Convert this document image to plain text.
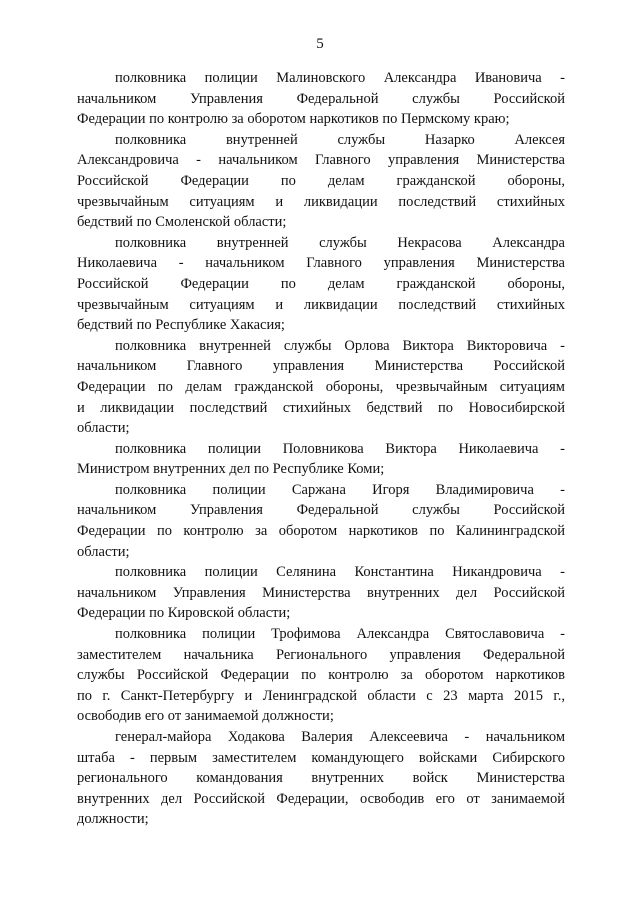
5

полковника полиции Малиновского Александра Ивановича -
начальником Управления Федеральной службы Российской
Федерации по контролю за оборотом наркотиков по Пермскому краю;

полковника внутренней службы Назарко Алексея
Александровича - начальником Главного управления Министерства
Российской Федерации по делам гражданской обороны,
чрезвычайным ситуациям и ликвидации последствий стихийных
бедствий по Смоленской области;

полковника внутренней службы Некрасова Александра
Николаевича - начальником Главного управления Министерства
Российской Федерации по делам гражданской обороны,
чрезвычайным ситуациям и ликвидации последствий стихийных
бедствий по Республике Хакасия;

полковника внутренней службы Орлова Виктора Викторовича -
начальником Главного управления Министерства Российской
Федерации по делам гражданской обороны, чрезвычайным ситуациям
и ликвидации последствий стихийных бедствий по Новосибирской
области;

полковника полиции Половникова Виктора Николаевича -
Министром внутренних дел по Республике Коми;

полковника полиции Саржана Игоря Владимировича -
начальником Управления Федеральной службы Российской
Федерации по контролю за оборотом наркотиков по Калининградской
области;

полковника полиции Селянина Константина Никандровича -
начальником Управления Министерства внутренних дел Российской
Федерации по Кировской области;

полковника полиции Трофимова Александра Святославовича -
заместителем начальника Регионального управления Федеральной
службы Российской Федерации по контролю за оборотом наркотиков
по г. Санкт-Петербургу и Ленинградской области с 23 марта 2015 г.,
освободив его от занимаемой должности;

генерал-майора Ходакова Валерия Алексеевича - начальником
штаба - первым заместителем командующего войсками Сибирского
регионального командования внутренних войск Министерства
внутренних дел Российской Федерации, освободив его от занимаемой
должности;
